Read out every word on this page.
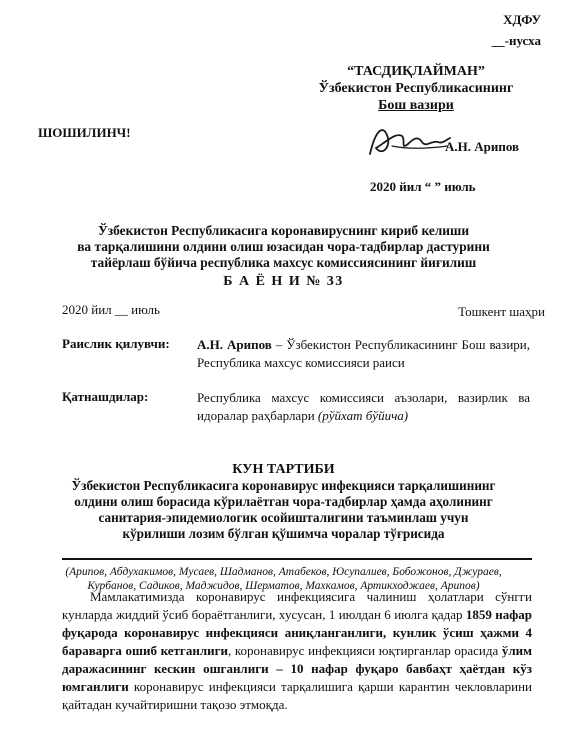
ХДФУ
__-нусха
ШОШИЛИНЧ!
“ТАСДИҚЛАЙМАН”
Ўзбекистон Республикасининг
Бош вазири
А.Н. Арипов
2020 йил “ ” июль
Ўзбекистон Республикасига коронавируснинг кириб келиши
ва тарқалишини олдини олиш юзасидан чора-тадбирлар дастурини
тайёрлаш бўйича республика махсус комиссиясининг йиғилиш
Б А Ё Н И № 33
2020 йил __ июль	Тошкент шаҳри
Раислик қилувчи: А.Н. Арипов – Ўзбекистон Республикасининг Бош вазири, Республика махсус комиссияси раиси
Қатнашдилар:	Республика махсус комиссияси аъзолари, вазирлик ва идоралар раҳбарлари (рўйхат бўйича)
КУН ТАРТИБИ
Ўзбекистон Республикасига коронавирус инфекцияси тарқалишининг
олдини олиш борасида кўрилаётган чора-тадбирлар ҳамда аҳолининг
санитария-эпидемиологик осойишталигини таъминлаш учун
кўрилиши лозим бўлган қўшимча чоралар тўғрисида
(Арипов, Абдухакимов, Мусаев, Шадманов, Атабеков, Юсупалиев, Бобожонов, Джураев,
Курбанов, Садиков, Маджидов, Шерматов, Махкамов, Артикходжаев, Арипов)
Мамлакатимизда коронавирус инфекциясига чалиниш ҳолатлари сўнгги кунларда жиддий ўсиб бораётганлиги, хусусан, 1 июлдан 6 июлга қадар 1859 нафар фуқарода коронавирус инфекцияси аниқланганлиги, кунлик ўсиш ҳажми 4 бараварга ошиб кетганлиги, коронавирус инфекцияси юқтирганлар орасида ўлим даражасининг кескин ошганлиги – 10 нафар фуқаро бавбаҳт ҳаётдан кўз юмганлиги коронавирус инфекцияси тарқалишига қарши карантин чекловларини қайтадан кучайтиришни тақозо этмоқда.
